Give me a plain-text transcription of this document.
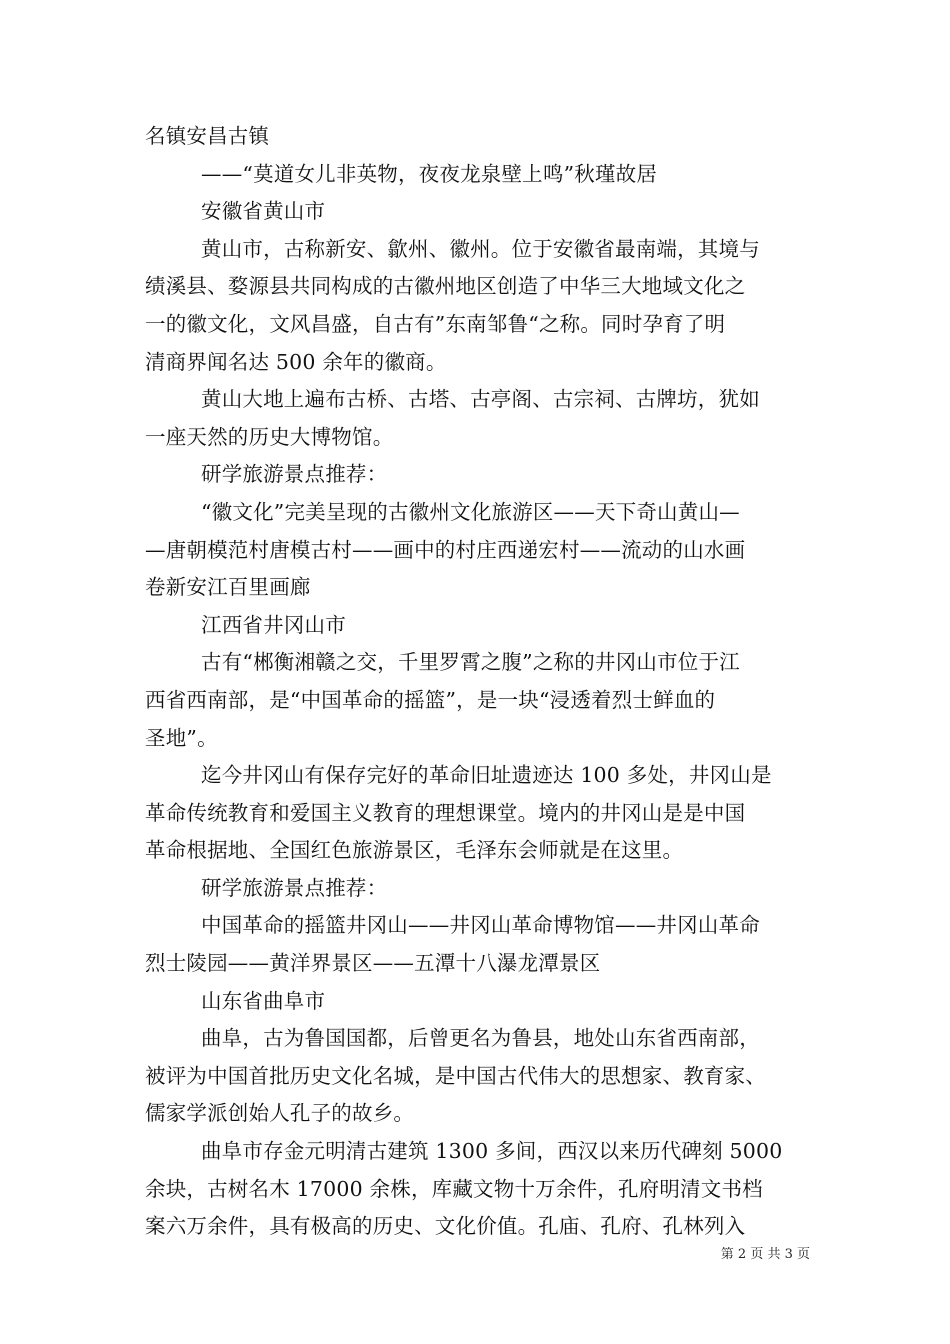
名镇安昌古镇
——“莫道女儿非英物，夜夜龙泉壁上鸣”秋瑾故居
安徽省黄山市
黄山市，古称新安、歙州、徽州。位于安徽省最南端，其境与
绩溪县、婺源县共同构成的古徽州地区创造了中华三大地域文化之
一的徽文化，文风昌盛，自古有”东南邹鲁“之称。同时孕育了明
清商界闻名达 500 余年的徽商。
黄山大地上遍布古桥、古塔、古亭阁、古宗祠、古牌坊，犹如
一座天然的历史大博物馆。
研学旅游景点推荐：
“徽文化”完美呈现的古徽州文化旅游区——天下奇山黄山—
—唐朝模范村唐模古村——画中的村庄西递宏村——流动的山水画
卷新安江百里画廊
江西省井冈山市
古有“郴衡湘赣之交，千里罗霄之腹”之称的井冈山市位于江
西省西南部，是“中国革命的摇篮”，是一块“浸透着烈士鲜血的
圣地”。
迄今井冈山有保存完好的革命旧址遗迹达 100 多处，井冈山是
革命传统教育和爱国主义教育的理想课堂。境内的井冈山是是中国
革命根据地、全国红色旅游景区，毛泽东会师就是在这里。
研学旅游景点推荐：
中国革命的摇篮井冈山——井冈山革命博物馆——井冈山革命
烈士陵园——黄洋界景区——五潭十八瀑龙潭景区
山东省曲阜市
曲阜，古为鲁国国都，后曾更名为鲁县，地处山东省西南部，
被评为中国首批历史文化名城，是中国古代伟大的思想家、教育家、
儒家学派创始人孔子的故乡。
曲阜市存金元明清古建筑 1300 多间，西汉以来历代碑刻 5000
余块，古树名木 17000 余株，库藏文物十万余件，孔府明清文书档
案六万余件，具有极高的历史、文化价值。孔庙、孔府、孔林列入
第 2 页 共 3 页
